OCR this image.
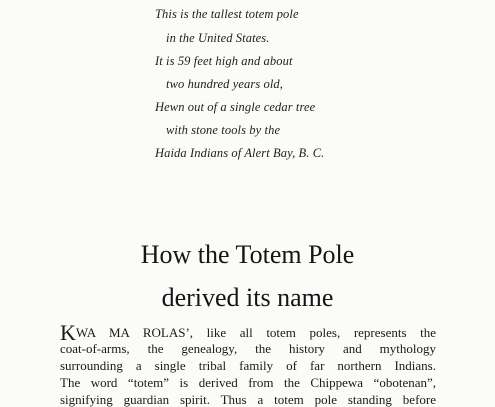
This is the tallest totem pole
in the United States.
It is 59 feet high and about
two hundred years old,
Hewn out of a single cedar tree
with stone tools by the
Haida Indians of Alert Bay, B. C.
How the Totem Pole
derived its name
KWA MA ROLAS’, like all totem poles, represents the
coat-of-arms, the genealogy, the history and mythology
surrounding a single tribal family of far northern Indians.
The word “totem” is derived from the Chippewa “obotenan”,
signifying guardian spirit. Thus a totem pole standing before
